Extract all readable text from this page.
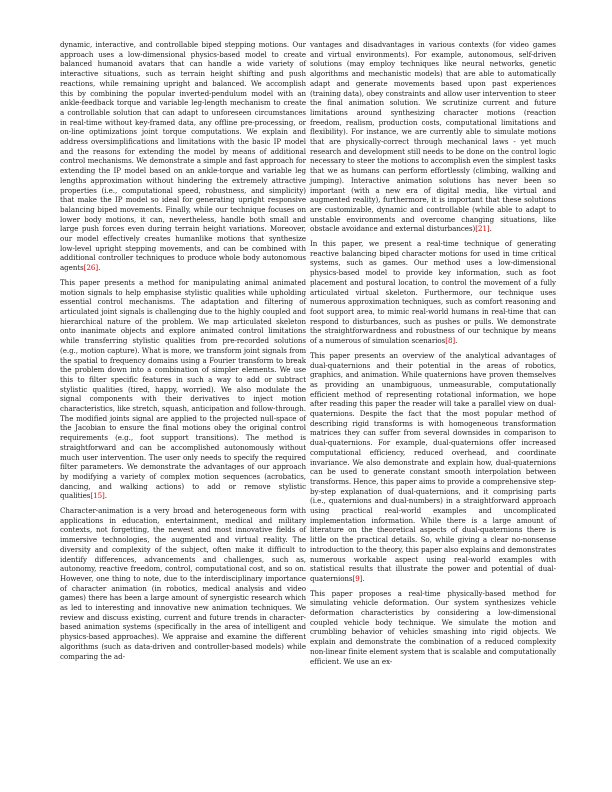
dynamic, interactive, and controllable biped stepping motions. Our approach uses a low-dimensional physics-based model to create balanced humanoid avatars that can handle a wide variety of interactive situations, such as terrain height shifting and push reactions, while remaining upright and balanced. We accomplish this by combining the popular inverted-pendulum model with an ankle-feedback torque and variable leg-length mechanism to create a controllable solution that can adapt to unforeseen circumstances in real-time without key-framed data, any offline pre-processing, or on-line optimizations joint torque computations. We explain and address oversimplifications and limitations with the basic IP model and the reasons for extending the model by means of additional control mechanisms. We demonstrate a simple and fast approach for extending the IP model based on an ankle-torque and variable leg lengths approximation without hindering the extremely attractive properties (i.e., computational speed, robustness, and simplicity) that make the IP model so ideal for generating upright responsive balancing biped movements. Finally, while our technique focuses on lower body motions, it can, nevertheless, handle both small and large push forces even during terrain height variations. Moreover, our model effectively creates humanlike motions that synthesize low-level upright stepping movements, and can be combined with additional controller techniques to produce whole body autonomous agents[26].

This paper presents a method for manipulating animal animated motion signals to help emphasise stylistic qualities while upholding essential control mechanisms. The adaptation and filtering of articulated joint signals is challenging due to the highly coupled and hierarchical nature of the problem. We map articulated skeleton onto inanimate objects and explore animated control limitations while transferring stylistic qualities from pre-recorded solutions (e.g., motion capture). What is more, we transform joint signals from the spatial to frequency domains using a Fourier transform to break the problem down into a combination of simpler elements. We use this to filter specific features in such a way to add or subtract stylistic qualities (tired, happy, worried). We also modulate the signal components with their derivatives to inject motion characteristics, like stretch, squash, anticipation and follow-through. The modified joints signal are applied to the projected null-space of the Jacobian to ensure the final motions obey the original control requirements (e.g., foot support transitions). The method is straightforward and can be accomplished autonomously without much user intervention. The user only needs to specify the required filter parameters. We demonstrate the advantages of our approach by modifying a variety of complex motion sequences (acrobatics, dancing, and walking actions) to add or remove stylistic qualities[15].

Character-animation is a very broad and heterogeneous form with applications in education, entertainment, medical and military contexts, not forgetting, the newest and most innovative fields of immersive technologies, the augmented and virtual reality. The diversity and complexity of the subject, often make it difficult to identify differences, advancements and challenges, such as, autonomy, reactive freedom, control, computational cost, and so on. However, one thing to note, due to the interdisciplinary importance of character animation (in robotics, medical analysis and video games) there has been a large amount of synergistic research which as led to interesting and innovative new animation techniques. We review and discuss existing, current and future trends in character-based animation systems (specifically in the area of intelligent and physics-based approaches). We appraise and examine the different algorithms (such as data-driven and controller-based models) while comparing the ad-

vantages and disadvantages in various contexts (for video games and virtual environments). For example, autonomous, self-driven solutions (may employ techniques like neural networks, genetic algorithms and mechanistic models) that are able to automatically adapt and generate movements based upon past experiences (training data), obey constraints and allow user intervention to steer the final animation solution. We scrutinize current and future limitations around synthesizing character motions (reaction freedom, realism, production costs, computational limitations and flexibility). For instance, we are currently able to simulate motions that are physically-correct through mechanical laws - yet much research and development still needs to be done on the control logic necessary to steer the motions to accomplish even the simplest tasks that we as humans can perform effortlessly (climbing, walking and jumping). Interactive animation solutions has never been so important (with a new era of digital media, like virtual and augmented reality), furthermore, it is important that these solutions are customizable, dynamic and controllable (while able to adapt to unstable environments and overcome changing situations, like obstacle avoidance and external disturbances)[21].

In this paper, we present a real-time technique of generating reactive balancing biped character motions for used in time critical systems, such as games. Our method uses a low-dimensional physics-based model to provide key information, such as foot placement and postural location, to control the movement of a fully articulated virtual skeleton. Furthermore, our technique uses numerous approximation techniques, such as comfort reasoning and foot support area, to mimic real-world humans in real-time that can respond to disturbances, such as pushes or pulls. We demonstrate the straightforwardness and robustness of our technique by means of a numerous of simulation scenarios[8].

This paper presents an overview of the analytical advantages of dual-quaternions and their potential in the areas of robotics, graphics, and animation. While quaternions have proven themselves as providing an unambiguous, unmeasurable, computationally efficient method of representing rotational information, we hope after reading this paper the reader will take a parallel view on dual-quaternions. Despite the fact that the most popular method of describing rigid transforms is with homogeneous transformation matrices they can suffer from several downsides in comparison to dual-quaternions. For example, dual-quaternions offer increased computational efficiency, reduced overhead, and coordinate invariance. We also demonstrate and explain how, dual-quaternions can be used to generate constant smooth interpolation between transforms. Hence, this paper aims to provide a comprehensive step-by-step explanation of dual-quaternions, and it comprising parts (i.e., quaternions and dual-numbers) in a straightforward approach using practical real-world examples and uncomplicated implementation information. While there is a large amount of literature on the theoretical aspects of dual-quaternions there is little on the practical details. So, while giving a clear no-nonsense introduction to the theory, this paper also explains and demonstrates numerous workable aspect using real-world examples with statistical results that illustrate the power and potential of dual-quaternions[9].

This paper proposes a real-time physically-based method for simulating vehicle deformation. Our system synthesizes vehicle deformation characteristics by considering a low-dimensional coupled vehicle body technique. We simulate the motion and crumbling behavior of vehicles smashing into rigid objects. We explain and demonstrate the combination of a reduced complexity non-linear finite element system that is scalable and computationally efficient. We use an ex-
